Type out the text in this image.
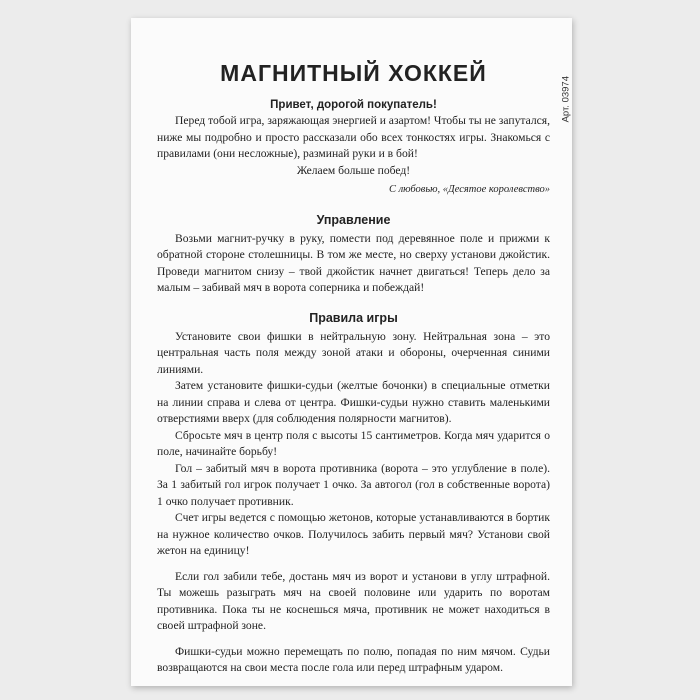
Арт. 03974
МАГНИТНЫЙ ХОККЕЙ
Привет, дорогой покупатель!

Перед тобой игра, заряжающая энергией и азартом! Чтобы ты не запутался, ниже мы подробно и просто рассказали обо всех тонкостях игры. Знакомься с правилами (они несложные), разминай руки и в бой!

Желаем больше побед!

С любовью, «Десятое королевство»

Управление

Возьми магнит-ручку в руку, помести под деревянное поле и прижми к обратной стороне столешницы. В том же месте, но сверху установи джойстик. Проведи магнитом снизу – твой джойстик начнет двигаться! Теперь дело за малым – забивай мяч в ворота соперника и побеждай!

Правила игры

Установите свои фишки в нейтральную зону. Нейтральная зона – это центральная часть поля между зоной атаки и обороны, очерченная синими линиями.

Затем установите фишки-судьи (желтые бочонки) в специальные отметки на линии справа и слева от центра. Фишки-судьи нужно ставить маленькими отверстиями вверх (для соблюдения полярности магнитов).

Сбросьте мяч в центр поля с высоты 15 сантиметров. Когда мяч ударится о поле, начинайте борьбу!

Гол – забитый мяч в ворота противника (ворота – это углубление в поле). За 1 забитый гол игрок получает 1 очко. За автогол (гол в собственные ворота) 1 очко получает противник.

Счет игры ведется с помощью жетонов, которые устанавливаются в бортик на нужное количество очков. Получилось забить первый мяч? Установи свой жетон на единицу!

Если гол забили тебе, достань мяч из ворот и установи в углу штрафной. Ты можешь разыграть мяч на своей половине или ударить по воротам противника. Пока ты не коснешься мяча, противник не может находиться в своей штрафной зоне.

Фишки-судьи можно перемещать по полю, попадая по ним мячом. Судьи возвращаются на свои места после гола или перед штрафным ударом.
